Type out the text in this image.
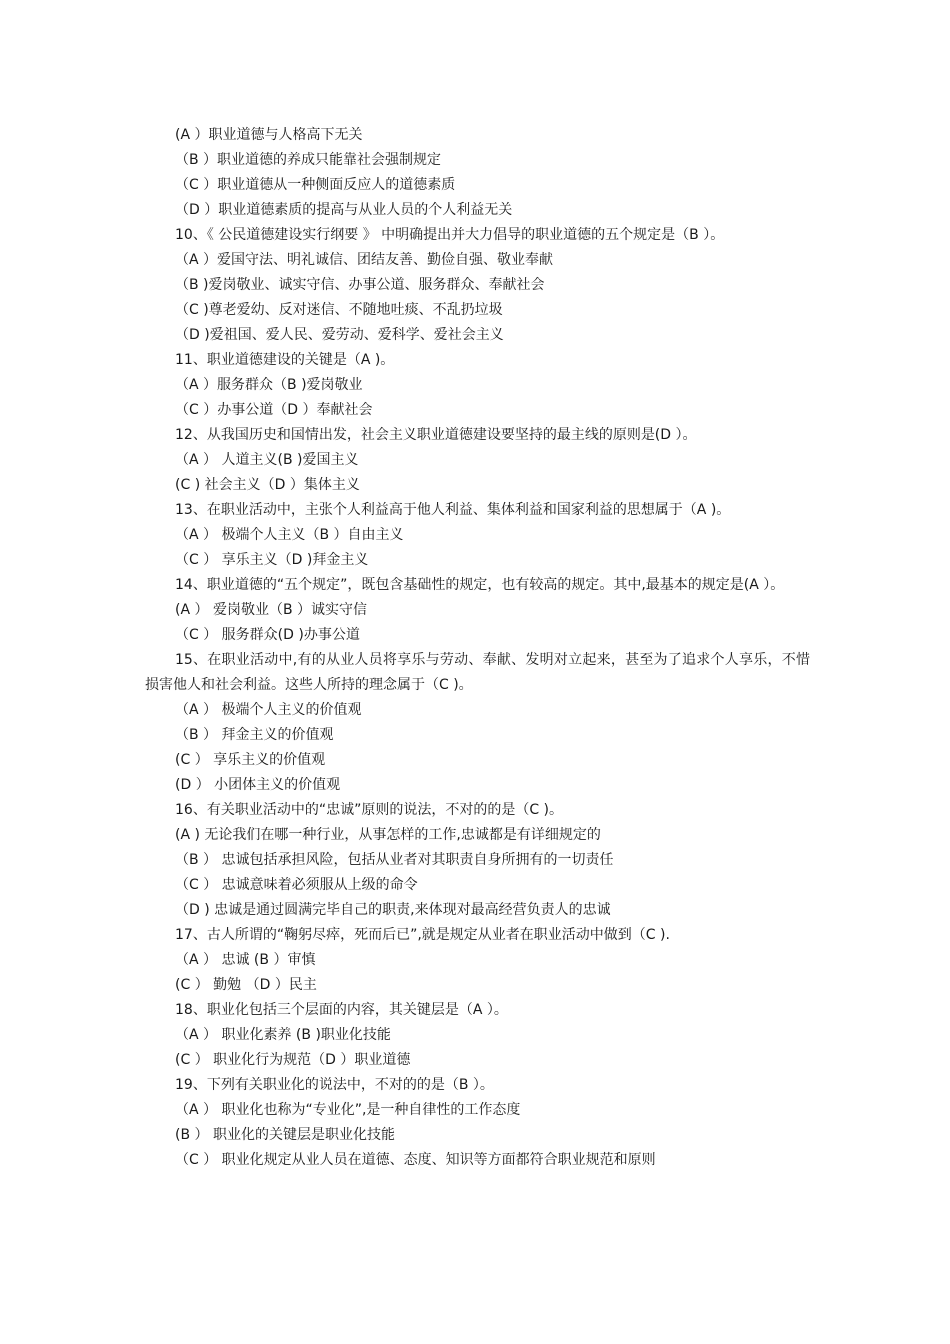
(A ）职业道德与人格高下无关
（B ）职业道德的养成只能靠社会强制规定
（C ）职业道德从一种侧面反应人的道德素质
（D ）职业道德素质的提高与从业人员的个人利益无关
10、《 公民道德建设实行纲要 》 中明确提出并大力倡导的职业道德的五个规定是（B ）。
（A ）爱国守法、明礼诚信、团结友善、勤俭自强、敬业奉献
（B )爱岗敬业、诚实守信、办事公道、服务群众、奉献社会
（C )尊老爱幼、反对迷信、不随地吐痰、不乱扔垃圾
（D )爱祖国、爱人民、爱劳动、爱科学、爱社会主义
11、职业道德建设的关键是（A )。
（A ）服务群众（B )爱岗敬业
（C ）办事公道（D ）奉献社会
12、从我国历史和国情出发，社会主义职业道德建设要坚持的最主线的原则是(D ）。
（A ） 人道主义(B )爱国主义
(C ) 社会主义（D ）集体主义
13、在职业活动中，主张个人利益高于他人利益、集体利益和国家利益的思想属于（A )。
（A ） 极端个人主义（B ）自由主义
（C ） 享乐主义（D )拜金主义
14、职业道德的“五个规定”，既包含基础性的规定，也有较高的规定。其中,最基本的规定是(A ）。
(A ） 爱岗敬业（B ）诚实守信
（C ） 服务群众(D )办事公道
15、在职业活动中,有的从业人员将享乐与劳动、奉献、发明对立起来，甚至为了追求个人享乐，不惜损害他人和社会利益。这些人所持的理念属于（C )。
（A ） 极端个人主义的价值观
（B ） 拜金主义的价值观
(C ） 享乐主义的价值观
(D ） 小团体主义的价值观
16、有关职业活动中的“忠诚”原则的说法，不对的的是（C )。
(A ) 无论我们在哪一种行业，从事怎样的工作,忠诚都是有详细规定的
（B ） 忠诚包括承担风险，包括从业者对其职责自身所拥有的一切责任
（C ） 忠诚意味着必须服从上级的命令
（D ) 忠诚是通过圆满完毕自己的职责,来体现对最高经营负责人的忠诚
17、古人所谓的“鞠躬尽瘁，死而后已”,就是规定从业者在职业活动中做到（C ).
（A ） 忠诚 (B ）审慎
(C ） 勤勉 （D ）民主
18、职业化包括三个层面的内容，其关键层是（A ）。
（A ） 职业化素养 (B )职业化技能
(C ） 职业化行为规范（D ）职业道德
19、下列有关职业化的说法中，不对的的是（B ）。
（A ） 职业化也称为“专业化”,是一种自律性的工作态度
(B ） 职业化的关键层是职业化技能
（C ） 职业化规定从业人员在道德、态度、知识等方面都符合职业规范和原则
